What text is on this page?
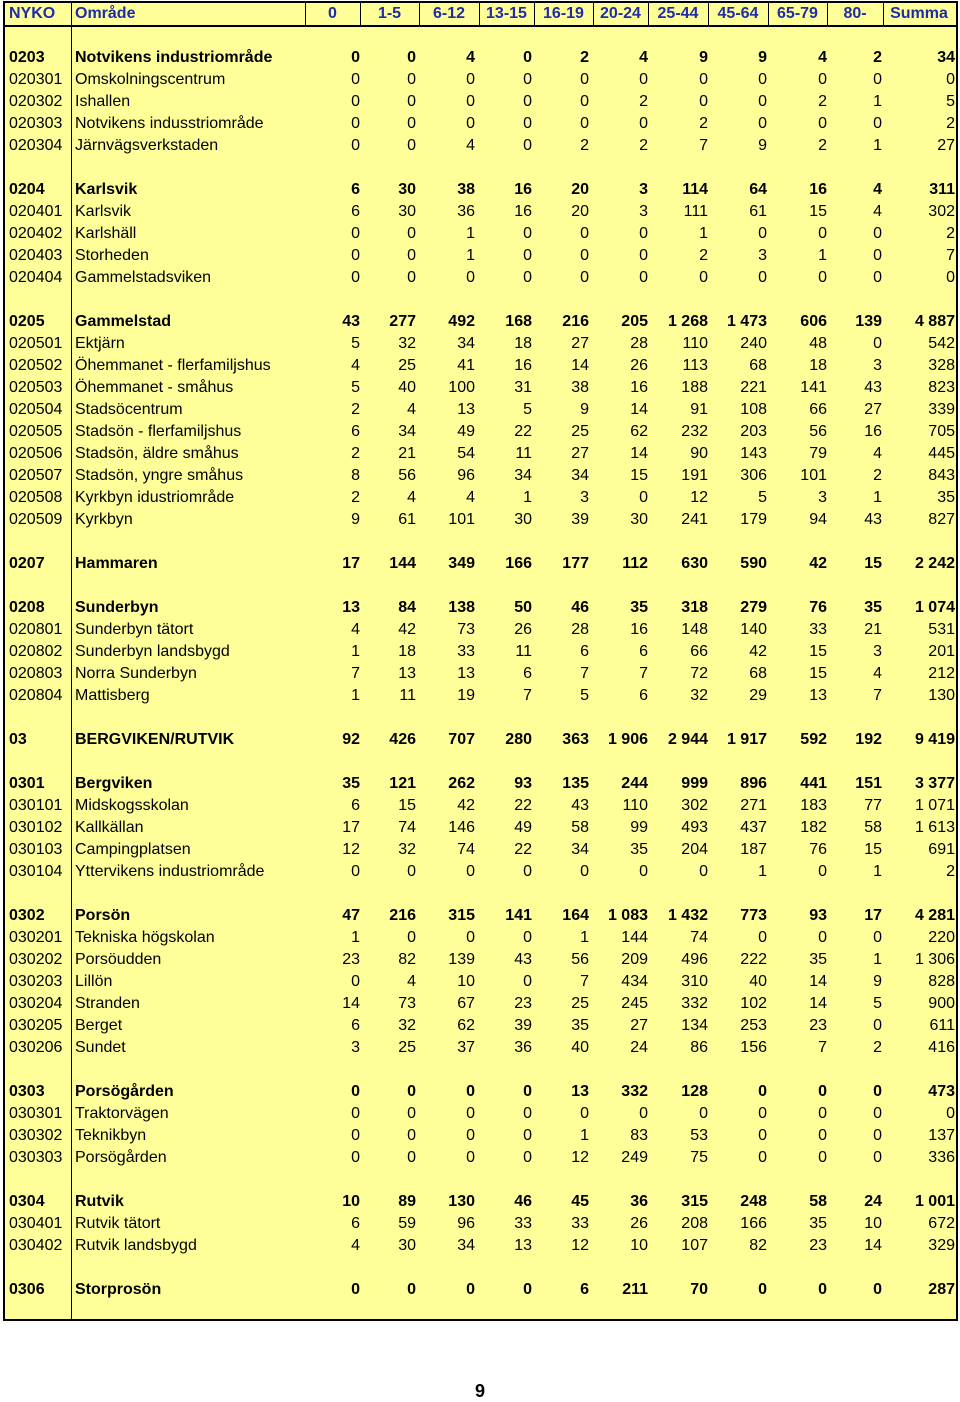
NYKO Område	0	1-5	6-12	13-15	16-19	20-24	25-44	45-64	65-79	80-	Summa
0203 Notvikens industriområde	0	0	4	0	2	4	9	9	4	2	34
020301 Omskolningscentrum	0	0	0	0	0	0	0	0	0	0	0
020302 Ishallen	0	0	0	0	0	2	0	0	2	1	5
020303 Notvikens indusstriområde	0	0	0	0	0	0	2	0	0	0	2
020304 Järnvägsverkstaden	0	0	4	0	2	2	7	9	2	1	27
0204 Karlsvik	6	30	38	16	20	3	114	64	16	4	311
020401 Karlsvik	6	30	36	16	20	3	111	61	15	4	302
020402 Karlshäll	0	0	1	0	0	0	1	0	0	0	2
020403 Storheden	0	0	1	0	0	0	2	3	1	0	7
020404 Gammelstadsviken	0	0	0	0	0	0	0	0	0	0	0
0205 Gammelstad	43	277	492	168	216	205	1 268	1 473	606	139	4 887
020501 Ektjärn	5	32	34	18	27	28	110	240	48	0	542
020502 Öhemmanet - flerfamiljshus	4	25	41	16	14	26	113	68	18	3	328
020503 Öhemmanet - småhus	5	40	100	31	38	16	188	221	141	43	823
020504 Stadsöcentrum	2	4	13	5	9	14	91	108	66	27	339
020505 Stadsön - flerfamiljshus	6	34	49	22	25	62	232	203	56	16	705
020506 Stadsön, äldre småhus	2	21	54	11	27	14	90	143	79	4	445
020507 Stadsön, yngre småhus	8	56	96	34	34	15	191	306	101	2	843
020508 Kyrkbyn idustriområde	2	4	4	1	3	0	12	5	3	1	35
020509 Kyrkbyn	9	61	101	30	39	30	241	179	94	43	827
0207 Hammaren	17	144	349	166	177	112	630	590	42	15	2 242
0208 Sunderbyn	13	84	138	50	46	35	318	279	76	35	1 074
020801 Sunderbyn tätort	4	42	73	26	28	16	148	140	33	21	531
020802 Sunderbyn landsbygd	1	18	33	11	6	6	66	42	15	3	201
020803 Norra Sunderbyn	7	13	13	6	7	7	72	68	15	4	212
020804 Mattisberg	1	11	19	7	5	6	32	29	13	7	130
03	BERGVIKEN/RUTVIK	92	426	707	280	363	1 906	2 944	1 917	592	192	9 419
0301 Bergviken	35	121	262	93	135	244	999	896	441	151	3 377
030101 Midskogsskolan	6	15	42	22	43	110	302	271	183	77	1 071
030102 Kallkällan	17	74	146	49	58	99	493	437	182	58	1 613
030103 Campingplatsen	12	32	74	22	34	35	204	187	76	15	691
030104 Yttervikens industriområde	0	0	0	0	0	0	0	1	0	1	2
0302 Porsön	47	216	315	141	164	1 083	1 432	773	93	17	4 281
030201 Tekniska högskolan	1	0	0	0	1	144	74	0	0	0	220
030202 Porsöudden	23	82	139	43	56	209	496	222	35	1	1 306
030203 Lillön	0	4	10	0	7	434	310	40	14	9	828
030204 Stranden	14	73	67	23	25	245	332	102	14	5	900
030205 Berget	6	32	62	39	35	27	134	253	23	0	611
030206 Sundet	3	25	37	36	40	24	86	156	7	2	416
0303 Porsögården	0	0	0	0	13	332	128	0	0	0	473
030301 Traktorvägen	0	0	0	0	0	0	0	0	0	0	0
030302 Teknikbyn	0	0	0	0	1	83	53	0	0	0	137
030303 Porsögården	0	0	0	0	12	249	75	0	0	0	336
0304 Rutvik	10	89	130	46	45	36	315	248	58	24	1 001
030401 Rutvik tätort	6	59	96	33	33	26	208	166	35	10	672
030402 Rutvik landsbygd	4	30	34	13	12	10	107	82	23	14	329
0306 Storprosön	0	0	0	0	6	211	70	0	0	0	287
9
